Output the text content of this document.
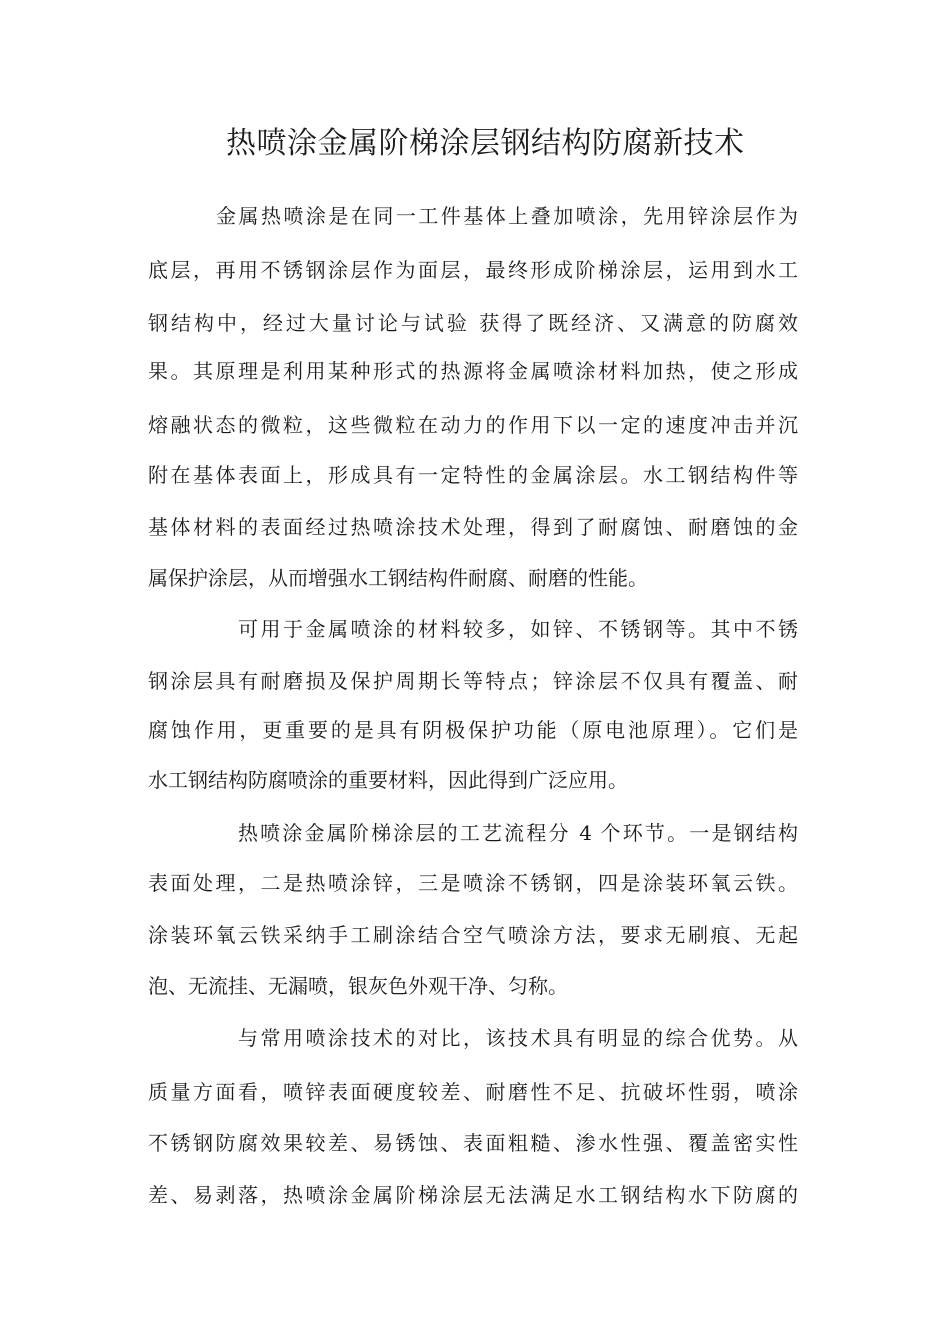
热喷涂金属阶梯涂层钢结构防腐新技术
金属热喷涂是在同一工件基体上叠加喷涂，先用锌涂层作为
底层，再用不锈钢涂层作为面层，最终形成阶梯涂层，运用到水工
钢结构中，经过大量讨论与试验 获得了既经济、又满意的防腐效
果。其原理是利用某种形式的热源将金属喷涂材料加热，使之形成
熔融状态的微粒，这些微粒在动力的作用下以一定的速度冲击并沉
附在基体表面上，形成具有一定特性的金属涂层。水工钢结构件等
基体材料的表面经过热喷涂技术处理，得到了耐腐蚀、耐磨蚀的金
属保护涂层，从而增强水工钢结构件耐腐、耐磨的性能。
可用于金属喷涂的材料较多，如锌、不锈钢等。其中不锈
钢涂层具有耐磨损及保护周期长等特点；锌涂层不仅具有覆盖、耐
腐蚀作用，更重要的是具有阴极保护功能（原电池原理）。它们是
水工钢结构防腐喷涂的重要材料，因此得到广泛应用。
热喷涂金属阶梯涂层的工艺流程分 4 个环节。一是钢结构
表面处理，二是热喷涂锌，三是喷涂不锈钢，四是涂装环氧云铁。
涂装环氧云铁采纳手工刷涂结合空气喷涂方法，要求无刷痕、无起
泡、无流挂、无漏喷，银灰色外观干净、匀称。
与常用喷涂技术的对比，该技术具有明显的综合优势。从
质量方面看，喷锌表面硬度较差、耐磨性不足、抗破坏性弱，喷涂
不锈钢防腐效果较差、易锈蚀、表面粗糙、渗水性强、覆盖密实性
差、易剥落，热喷涂金属阶梯涂层无法满足水工钢结构水下防腐的
